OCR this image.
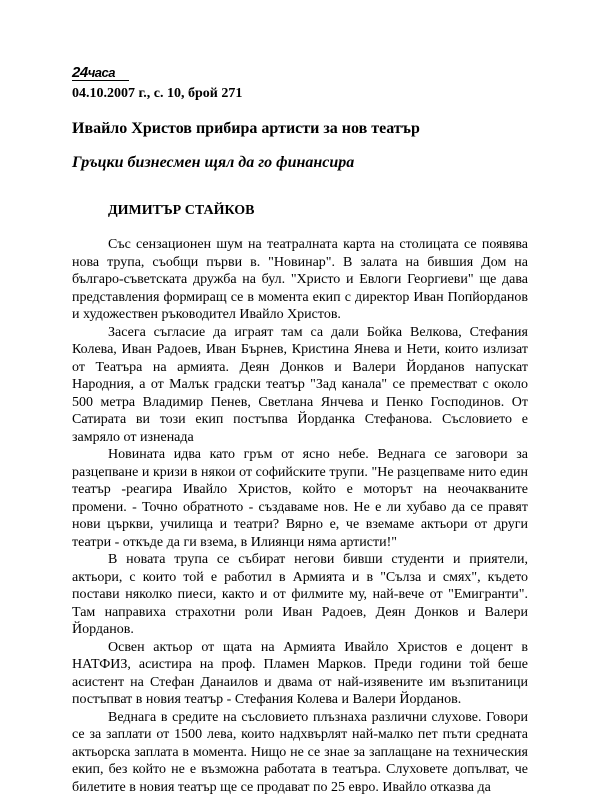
24часа
04.10.2007 г., с. 10, брой 271
Ивайло Христов прибира артисти за нов театър
Гръцки бизнесмен щял да го финансира
ДИМИТЪР СТАЙКОВ

Със сензационен шум на театралната карта на столицата се появява нова трупа, съобщи първи в. "Новинар". В залата на бившия Дом на българо-съветската дружба на бул. "Христо и Евлоги Георгиеви" ще дава представления формиращ се в момента екип с директор Иван Попйорданов и художествен ръководител Ивайло Христов.

Засега съгласие да играят там са дали Бойка Велкова, Стефания Колева, Иван Радоев, Иван Бърнев, Кристина Янева и Нети, които излизат от Театъра на армията. Деян Донков и Валери Йорданов напускат Народния, а от Малък градски театър "Зад канала" се преместват с около 500 метра Владимир Пенев, Светлана Янчева и Пенко Господинов. От Сатирата ви този екип постъпва Йорданка Стефанова. Съсловието е замряло от изненада

Новината идва като гръм от ясно небе. Веднага се заговори за разцепване и кризи в някои от софийските трупи. "Не разцепваме нито един театър -реагира Ивайло Христов, който е моторът на неочакваните промени. - Точно обратното - създаваме нов. Не е ли хубаво да се правят нови църкви, училища и театри? Вярно е, че вземаме актьори от други театри - откъде да ги вземa, в Илиянци няма артисти!"

В новата трупа се събират негови бивши студенти и приятели, актьори, с които той е работил в Армията и в "Сълза и смях", където постави няколко пиеси, както и от филмите му, най-вече от "Емигранти". Там направиха страхотни роли Иван Радоев, Деян Донков и Валери Йорданов.

Освен актьор от щата на Армията Ивайло Христов е доцент в НАТФИЗ, асистира на проф. Пламен Марков. Преди години той беше асистент на Стефан Данаилов и двама от най-изявените им възпитаници постъпват в новия театър - Стефания Колева и Валери Йорданов.

Веднага в средите на съсловието плъзнаха различни слухове. Говори се за заплати от 1500 лева, които надхвърлят най-малко пет пъти средната актьорска заплата в момента. Нищо не се знае за заплащане на техническия екип, без който не е възможна работата в театъра. Слуховете допълват, че билетите в новия театър ще се продават по 25 евро. Ивайло отказва да
